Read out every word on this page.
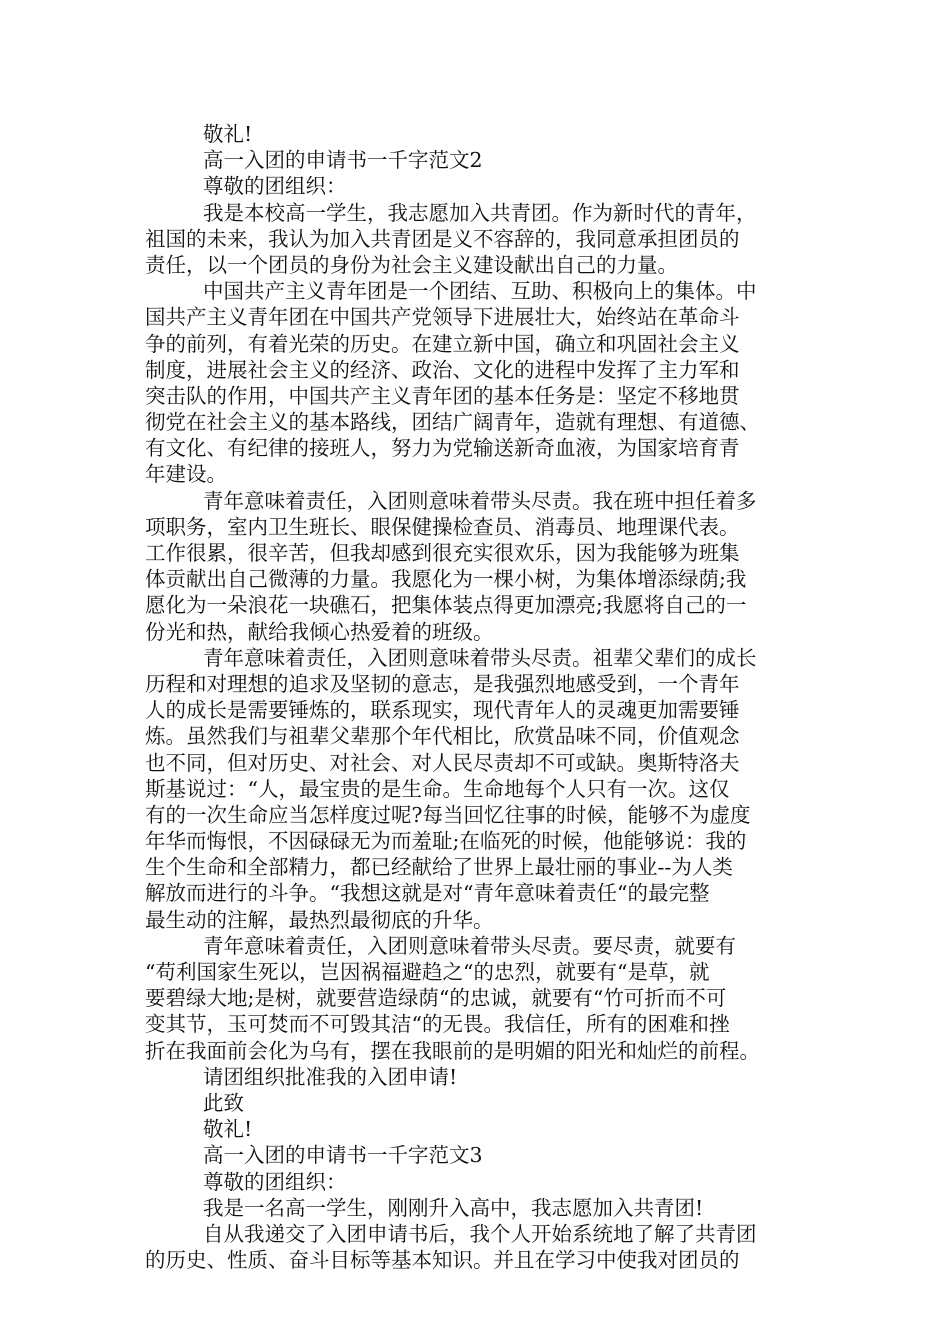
敬礼!
高一入团的申请书一千字范文2
尊敬的团组织：
我是本校高一学生，我志愿加入共青团。作为新时代的青年，
祖国的未来，我认为加入共青团是义不容辞的，我同意承担团员的
责任，以一个团员的身份为社会主义建设献出自己的力量。
中国共产主义青年团是一个团结、互助、积极向上的集体。中
国共产主义青年团在中国共产党领导下进展壮大，始终站在革命斗
争的前列，有着光荣的历史。在建立新中国，确立和巩固社会主义
制度，进展社会主义的经济、政治、文化的进程中发挥了主力军和
突击队的作用，中国共产主义青年团的基本任务是：坚定不移地贯
彻党在社会主义的基本路线，团结广阔青年，造就有理想、有道德、
有文化、有纪律的接班人，努力为党输送新奇血液，为国家培育青
年建设。
青年意味着责任，入团则意味着带头尽责。我在班中担任着多
项职务，室内卫生班长、眼保健操检查员、消毒员、地理课代表。
工作很累，很辛苦，但我却感到很充实很欢乐，因为我能够为班集
体贡献出自己微薄的力量。我愿化为一棵小树，为集体增添绿荫;我
愿化为一朵浪花一块礁石，把集体装点得更加漂亮;我愿将自己的一
份光和热，献给我倾心热爱着的班级。
青年意味着责任，入团则意味着带头尽责。祖辈父辈们的成长
历程和对理想的追求及坚韧的意志，是我强烈地感受到，一个青年
人的成长是需要锤炼的，联系现实，现代青年人的灵魂更加需要锤
炼。虽然我们与祖辈父辈那个年代相比，欣赏品味不同，价值观念
也不同，但对历史、对社会、对人民尽责却不可或缺。奥斯特洛夫
斯基说过：“人，最宝贵的是生命。生命地每个人只有一次。这仅
有的一次生命应当怎样度过呢?每当回忆往事的时候，能够不为虚度
年华而悔恨，不因碌碌无为而羞耻;在临死的时候，他能够说：我的
生个生命和全部精力，都已经献给了世界上最壮丽的事业--为人类
解放而进行的斗争。“我想这就是对“青年意味着责任“的最完整
最生动的注解，最热烈最彻底的升华。
青年意味着责任，入团则意味着带头尽责。要尽责，就要有
“苟利国家生死以，岂因祸福避趋之“的忠烈，就要有“是草，就
要碧绿大地;是树，就要营造绿荫“的忠诚，就要有“竹可折而不可
变其节，玉可焚而不可毁其洁“的无畏。我信任，所有的困难和挫
折在我面前会化为乌有，摆在我眼前的是明媚的阳光和灿烂的前程。
请团组织批准我的入团申请!
此致
敬礼!
高一入团的申请书一千字范文3
尊敬的团组织：
我是一名高一学生，刚刚升入高中，我志愿加入共青团!
自从我递交了入团申请书后，我个人开始系统地了解了共青团
的历史、性质、奋斗目标等基本知识。并且在学习中使我对团员的
